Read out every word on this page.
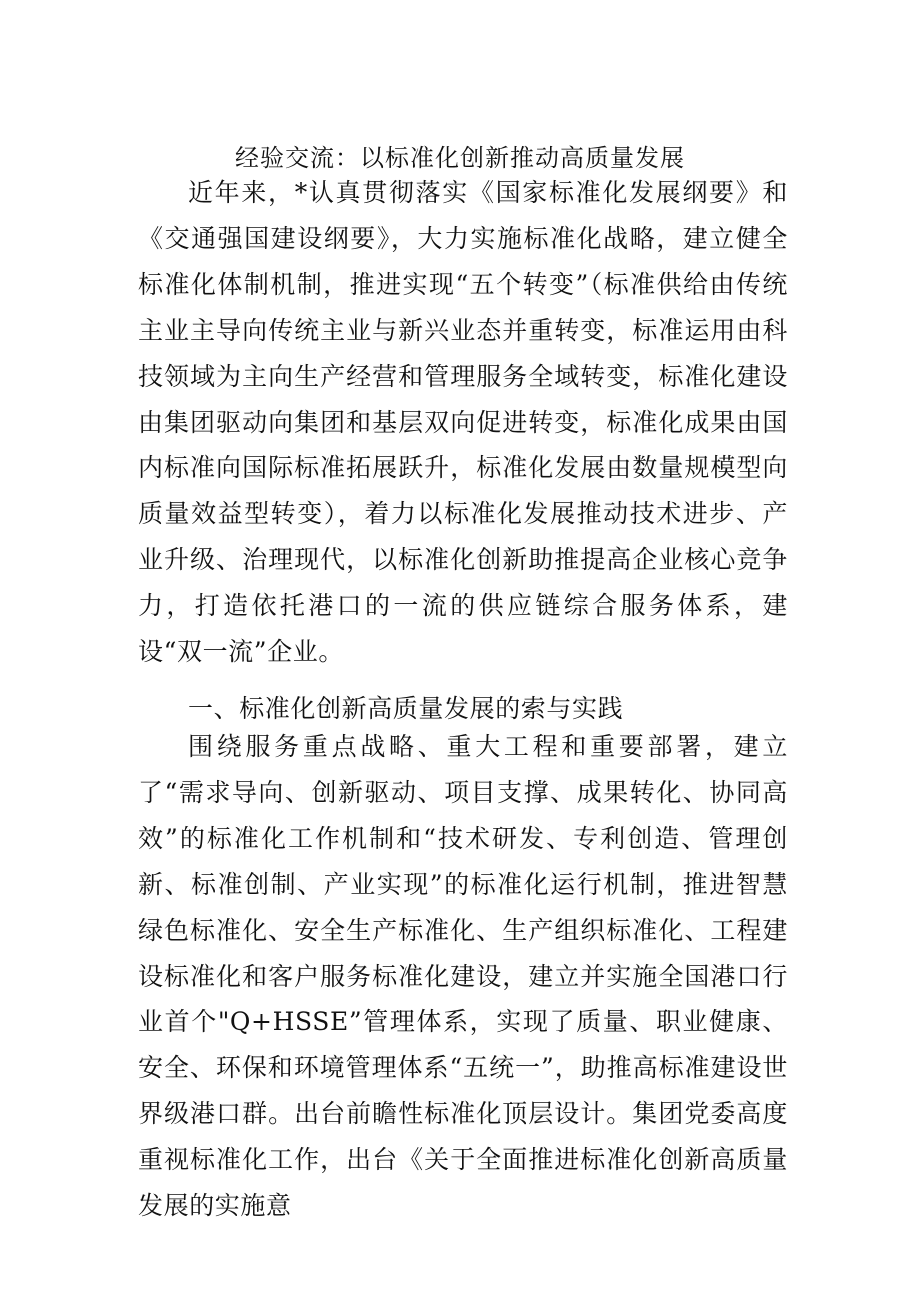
经验交流：以标准化创新推动高质量发展

近年来，*认真贯彻落实《国家标准化发展纲要》和《交通强国建设纲要》，大力实施标准化战略，建立健全标准化体制机制，推进实现“五个转变”（标准供给由传统主业主导向传统主业与新兴业态并重转变，标准运用由科技领域为主向生产经营和管理服务全域转变，标准化建设由集团驱动向集团和基层双向促进转变，标准化成果由国内标准向国际标准拓展跃升，标准化发展由数量规模型向质量效益型转变），着力以标准化发展推动技术进步、产业升级、治理现代，以标准化创新助推提高企业核心竞争力，打造依托港口的一流的供应链综合服务体系，建设“双一流”企业。

一、标准化创新高质量发展的索与实践

围绕服务重点战略、重大工程和重要部署，建立了“需求导向、创新驱动、项目支撑、成果转化、协同高效”的标准化工作机制和“技术研发、专利创造、管理创新、标准创制、产业实现”的标准化运行机制，推进智慧绿色标准化、安全生产标准化、生产组织标准化、工程建设标准化和客户服务标准化建设，建立并实施全国港口行业首个"Q+HSSE”管理体系，实现了质量、职业健康、安全、环保和环境管理体系“五统一”，助推高标准建设世界级港口群。出台前瞻性标准化顶层设计。集团党委高度重视标准化工作，出台《关于全面推进标准化创新高质量发展的实施意
